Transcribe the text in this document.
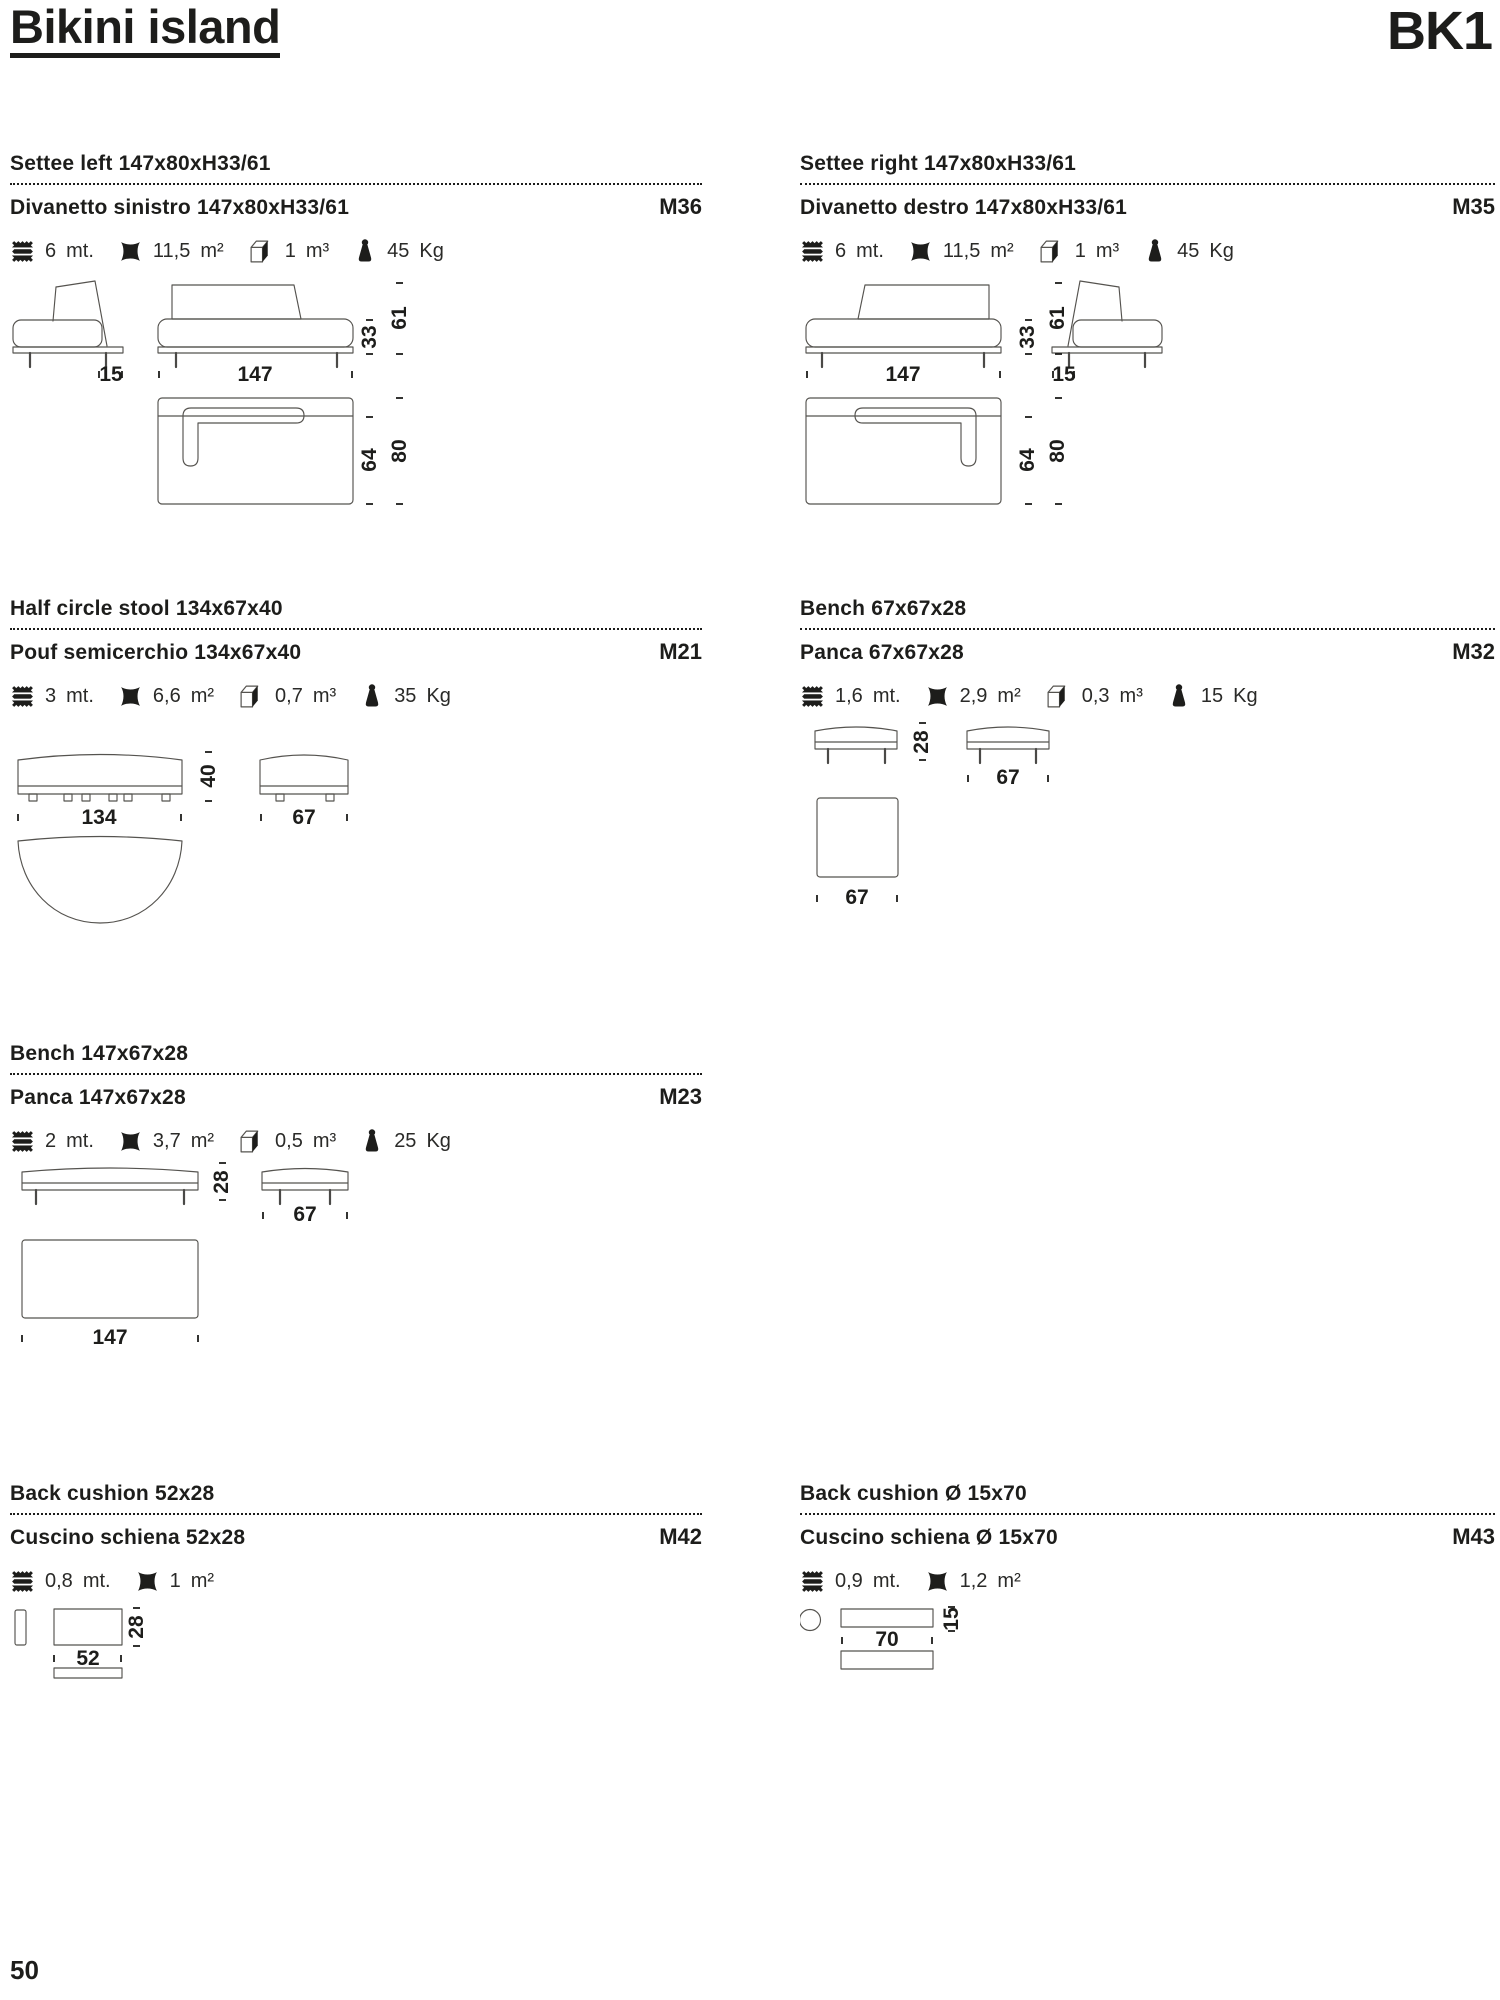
Bikini island	BK1
Settee left 147x80xH33/61
Divanetto sinistro 147x80xH33/61	M36
6 mt.	11,5 m²	1 m³	45 Kg
15	147
33
61
64 80
Settee right 147x80xH33/61
Divanetto destro 147x80xH33/61	M35
6 mt.	11,5 m²	1 m³	45 Kg
147	15
33
61
64 80
Half circle stool 134x67x40
Pouf semicerchio 134x67x40	M21
3 mt.	6,6 m²	0,7 m³	35 Kg
134
40
67
Bench 67x67x28
Panca 67x67x28	M32
1,6 mt.	2,9 m²	0,3 m³	15 Kg
28
67
67
Bench 147x67x28
Panca 147x67x28	M23
2 mt.	3,7 m²	0,5 m³	25 Kg
28
67
147
Back cushion 52x28
Cuscino schiena 52x28	M42
0,8 mt.	1 m²
28
52
Back cushion Ø 15x70
Cuscino schiena Ø 15x70	M43
0,9 mt.	1,2 m²
15
70
50
